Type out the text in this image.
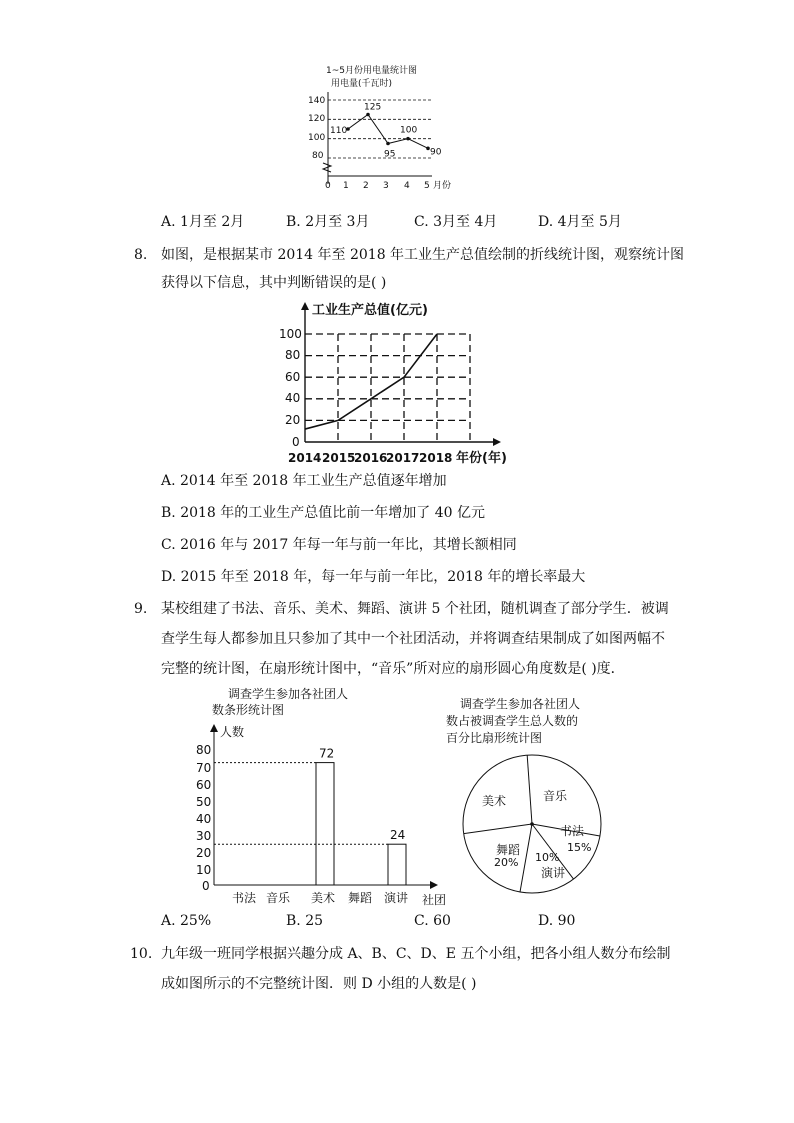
1~5月份用电量统计图
用电量(千瓦时)
140
120
100
80
0 1 2 3 4 5 月份
110
125
95
100
90
A. 1月至 2月	B. 2月至 3月	C. 3月至 4月	D. 4月至 5月
8. 如图，是根据某市 2014 年至 2018 年工业生产总值绘制的折线统计图，观察统计图
获得以下信息，其中判断错误的是( )
工业生产总值(亿元)
100
80
60
40
20
0
2014 2015
2016
2017 2018 年份(年)
A. 2014 年至 2018 年工业生产总值逐年增加
B. 2018 年的工业生产总值比前一年增加了 40 亿元
C. 2016 年与 2017 年每一年与前一年比，其增长额相同
D. 2015 年至 2018 年，每一年与前一年比，2018 年的增长率最大
9. 某校组建了书法、音乐、美术、舞蹈、演讲 5 个社团，随机调查了部分学生．被调
查学生每人都参加且只参加了其中一个社团活动，并将调查结果制成了如图两幅不
完整的统计图，在扇形统计图中，“音乐”所对应的扇形圆心角度数是( )度．
调查学生参加各社团人
数条形统计图
人数
80
70
60
50
40
30
20
10
0
书法 音乐 美术 舞蹈 演讲 社团
72
24
调查学生参加各社团人
数占被调查学生总人数的
百分比扇形统计图
美术	音乐
书法
15%
10%
演讲
舞蹈
20%
A. 25%	B. 25	C. 60	D. 90
10. 九年级一班同学根据兴趣分成 A、B、C、D、E 五个小组，把各小组人数分布绘制
成如图所示的不完整统计图．则 D 小组的人数是( )
